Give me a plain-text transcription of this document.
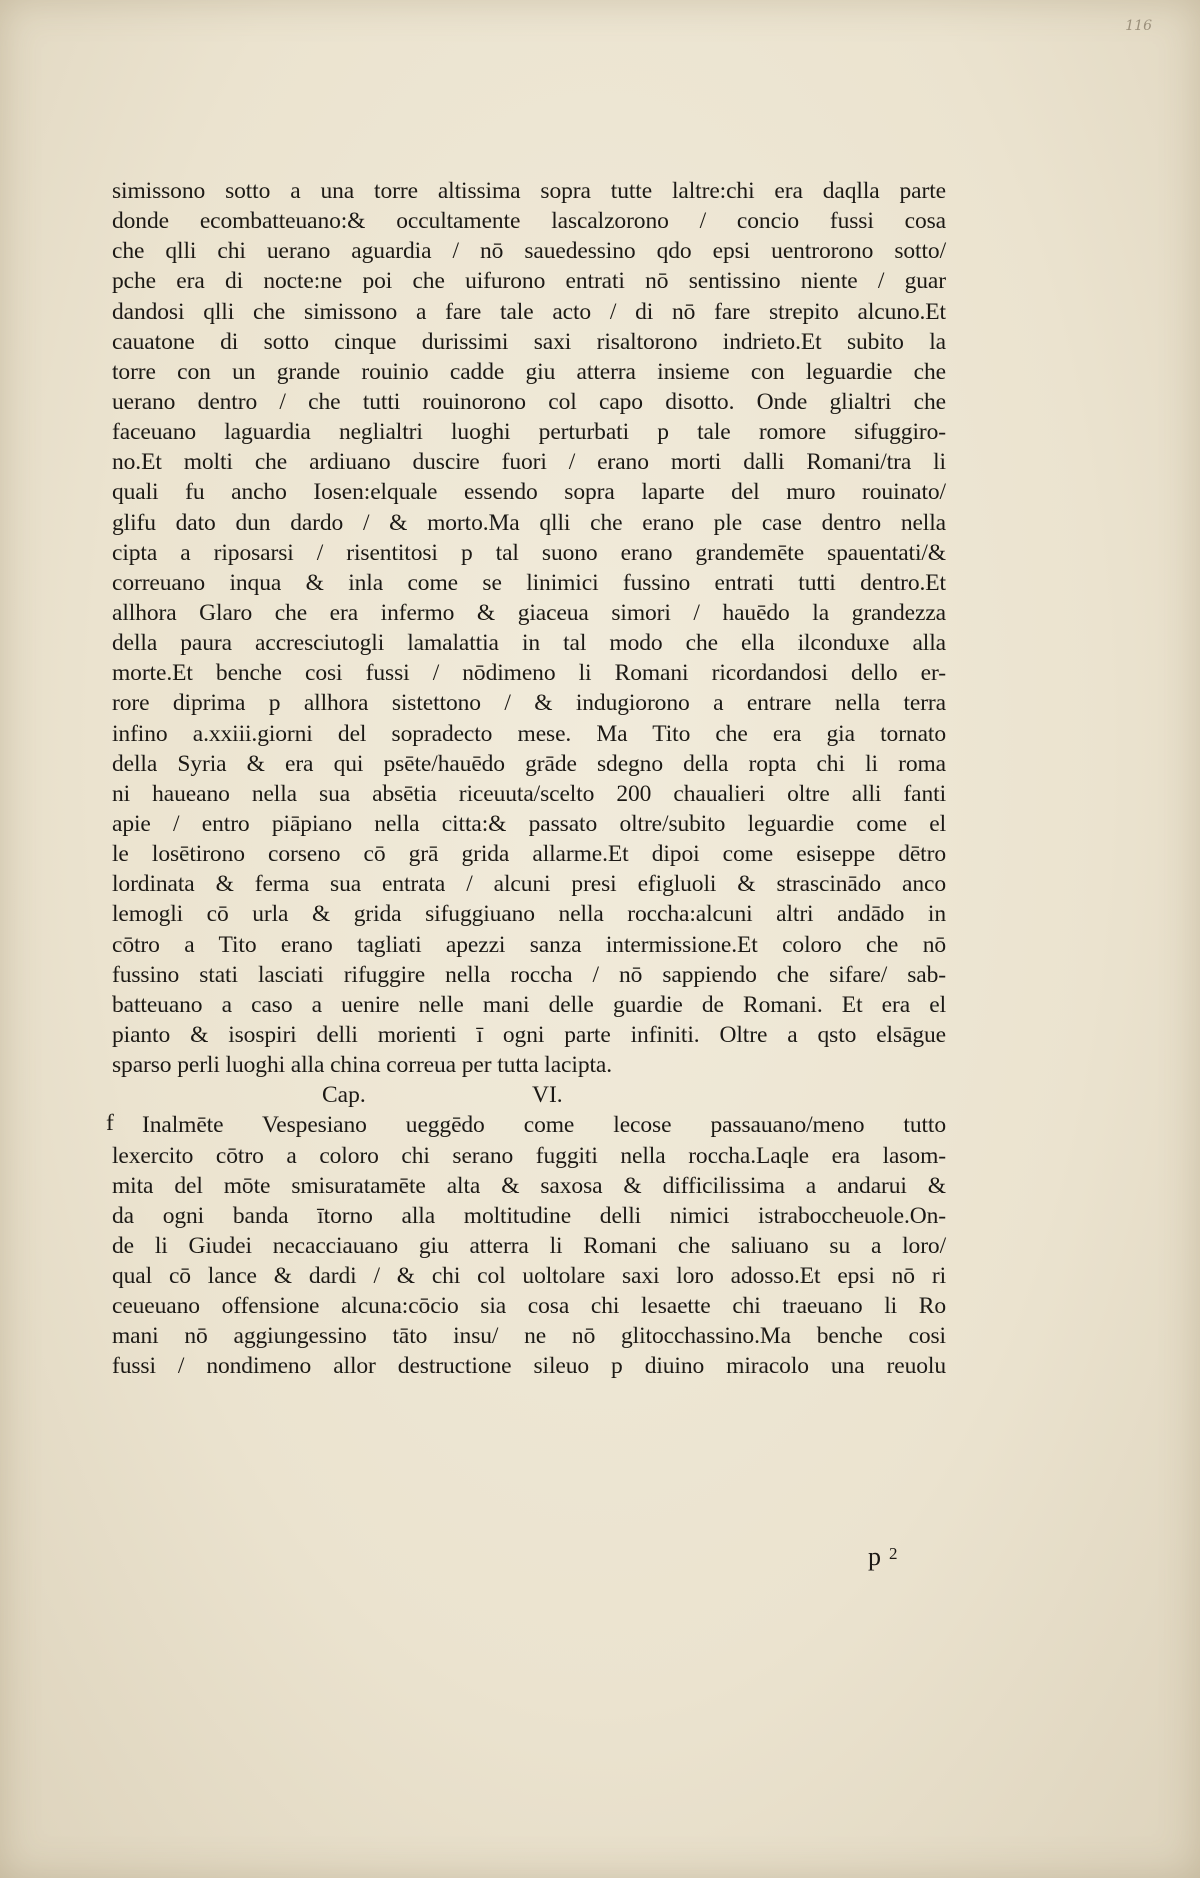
116
simissono sotto a una torre altissima sopra tutte laltre:chi era daqlla parte
donde ecombatteuano:& occultamente lascalzorono / concio fussi cosa
che qlli chi uerano aguardia / nō sauedessino qdo epsi uentrorono sotto/
pche era di nocte:ne poi che uifurono entrati nō sentissino niente / guar
dandosi qlli che simissono a fare tale acto / di nō fare strepito alcuno.Et
cauatone di sotto cinque durissimi saxi risaltorono indrieto.Et subito la
torre con un grande rouinio cadde giu atterra insieme con leguardie che
uerano dentro / che tutti rouinorono col capo disotto. Onde glialtri che
faceuano laguardia neglialtri luoghi perturbati p tale romore sifuggiro-
no.Et molti che ardiuano duscire fuori / erano morti dalli Romani/tra li
quali fu ancho Iosen:elquale essendo sopra laparte del muro rouinato/
glifu dato dun dardo / & morto.Ma qlli che erano ple case dentro nella
cipta a riposarsi / risentitosi p tal suono erano grandemēte spauentati/&
correuano inqua & inla come se linimici fussino entrati tutti dentro.Et
allhora Glaro che era infermo & giaceua simori / hauēdo la grandezza
della paura accresciutogli lamalattia in tal modo che ella ilconduxe alla
morte.Et benche cosi fussi / nōdimeno li Romani ricordandosi dello er-
rore diprima p allhora sistettono / & indugiorono a entrare nella terra
infino a.xxiii.giorni del sopradecto mese. Ma Tito che era gia tornato
della Syria & era qui psēte/hauēdo grāde sdegno della ropta chi li roma
ni haueano nella sua absētia riceuuta/scelto 200 chaualieri oltre alli fanti
apie / entro piāpiano nella citta:& passato oltre/subito leguardie come el
le losētirono corseno cō grā grida allarme.Et dipoi come esiseppe dētro
lordinata & ferma sua entrata / alcuni presi efigluoli & strascinādo anco
lemogli cō urla & grida sifuggiuano nella roccha:alcuni altri andādo in
cōtro a Tito erano tagliati apezzi sanza intermissione.Et coloro che nō
fussino stati lasciati rifuggire nella roccha / nō sappiendo che sifare/ sab-
batteuano a caso a uenire nelle mani delle guardie de Romani. Et era el
pianto & isospiri delli morienti ī ogni parte infiniti. Oltre a qsto elsāgue
sparso perli luoghi alla china correua per tutta lacipta.
Cap.	VI.
f	Inalmēte Vespesiano ueggēdo come lecose passauano/meno tutto
lexercito cōtro a coloro chi serano fuggiti nella roccha.Laqle era lasom-
mita del mōte smisuratamēte alta & saxosa & difficilissima a andarui &
da ogni banda ītorno alla moltitudine delli nimici istraboccheuole.On-
de li Giudei necacciauano giu atterra li Romani che saliuano su a loro/
qual cō lance & dardi / & chi col uoltolare saxi loro adosso.Et epsi nō ri
ceueuano offensione alcuna:cōcio sia cosa chi lesaette chi traeuano li Ro
mani nō aggiungessino tāto insu/ ne nō glitocchassino.Ma benche cosi
fussi / nondimeno allor destructione sileuo p diuino miracolo una reuolu
p $^2$
